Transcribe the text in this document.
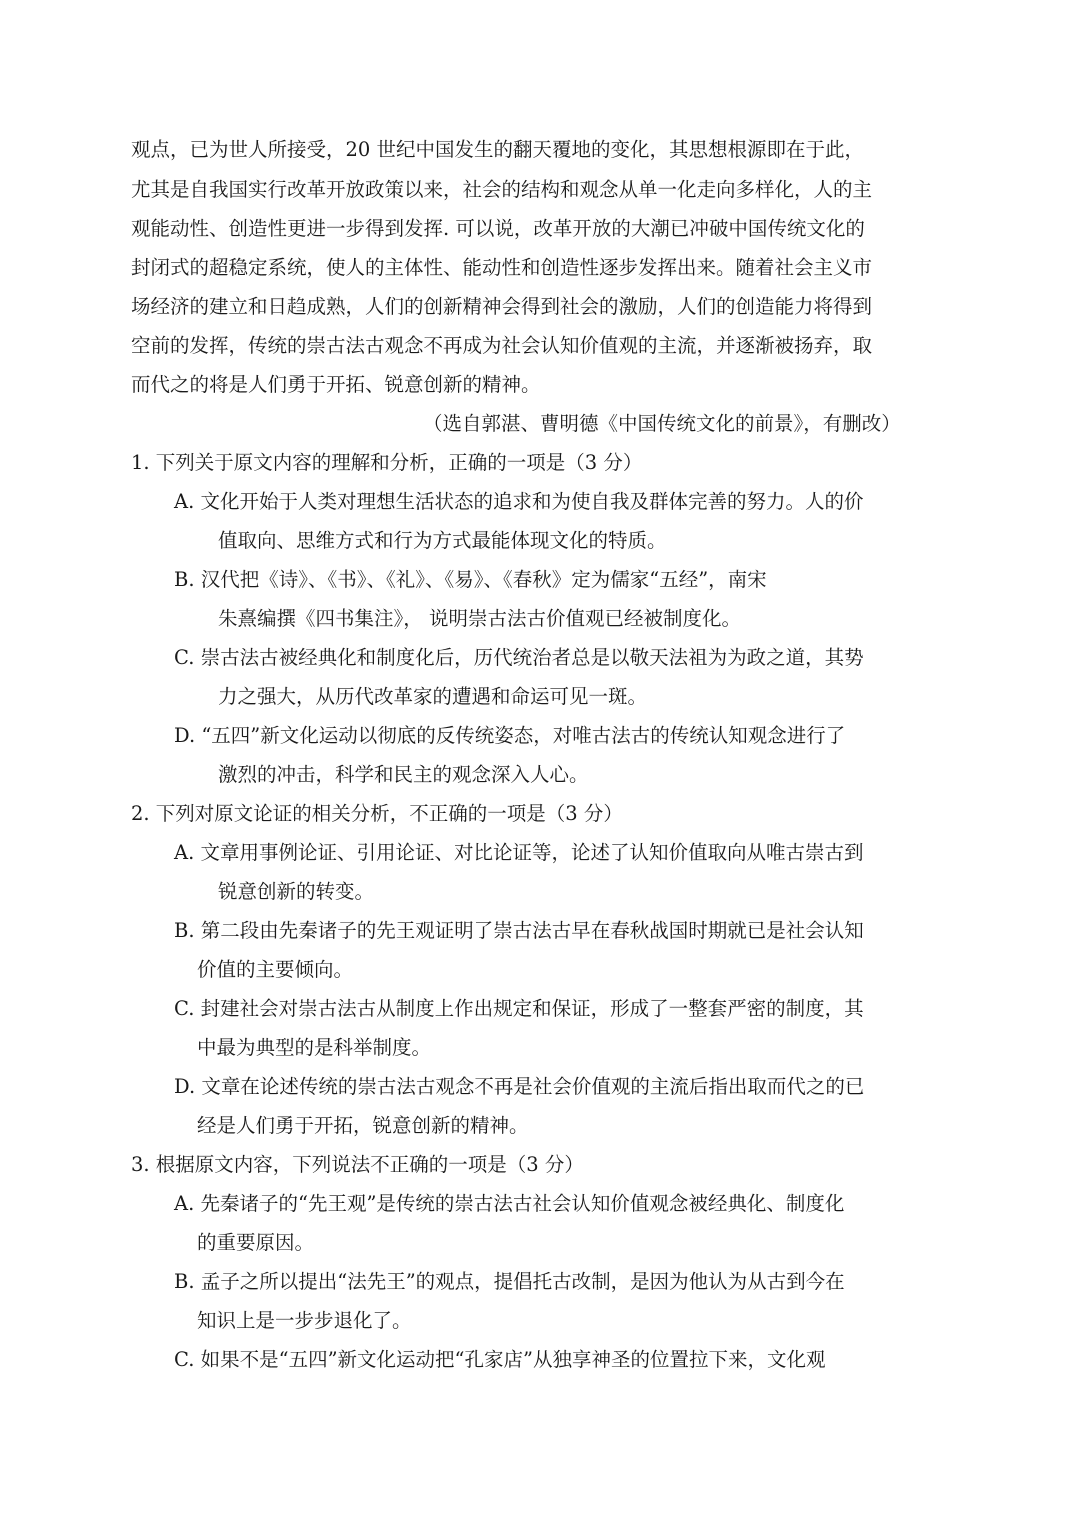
观点，已为世人所接受，20 世纪中国发生的翻天覆地的变化，其思想根源即在于此，
尤其是自我国实行改革开放政策以来，社会的结构和观念从单一化走向多样化，人的主
观能动性、创造性更进一步得到发挥. 可以说，改革开放的大潮已冲破中国传统文化的
封闭式的超稳定系统，使人的主体性、能动性和创造性逐步发挥出来。随着社会主义市
场经济的建立和日趋成熟，人们的创新精神会得到社会的激励，人们的创造能力将得到
空前的发挥，传统的崇古法古观念不再成为社会认知价值观的主流，并逐渐被扬弃，取
而代之的将是人们勇于开拓、锐意创新的精神。
（选自郭湛、曹明德《中国传统文化的前景》，有删改）
1. 下列关于原文内容的理解和分析，正确的一项是（3 分）
A. 文化开始于人类对理想生活状态的追求和为使自我及群体完善的努力。人的价
值取向、思维方式和行为方式最能体现文化的特质。
B. 汉代把《诗》、《书》、《礼》、《易》、《春秋》定为儒家“五经”，南宋
朱熹编撰《四书集注》， 说明崇古法古价值观已经被制度化。
C. 崇古法古被经典化和制度化后，历代统治者总是以敬天法祖为为政之道，其势
力之强大，从历代改革家的遭遇和命运可见一斑。
D. “五四”新文化运动以彻底的反传统姿态，对唯古法古的传统认知观念进行了
激烈的冲击，科学和民主的观念深入人心。
2. 下列对原文论证的相关分析，不正确的一项是（3 分）
A. 文章用事例论证、引用论证、对比论证等，论述了认知价值取向从唯古崇古到
锐意创新的转变。
B. 第二段由先秦诸子的先王观证明了崇古法古早在春秋战国时期就已是社会认知
价值的主要倾向。
C. 封建社会对崇古法古从制度上作出规定和保证，形成了一整套严密的制度，其
中最为典型的是科举制度。
D. 文章在论述传统的崇古法古观念不再是社会价值观的主流后指出取而代之的已
经是人们勇于开拓，锐意创新的精神。
3. 根据原文内容，下列说法不正确的一项是（3 分）
A. 先秦诸子的“先王观”是传统的崇古法古社会认知价值观念被经典化、制度化
的重要原因。
B. 孟子之所以提出“法先王”的观点，提倡托古改制，是因为他认为从古到今在
知识上是一步步退化了。
C. 如果不是“五四”新文化运动把“孔家店”从独享神圣的位置拉下来，文化观
